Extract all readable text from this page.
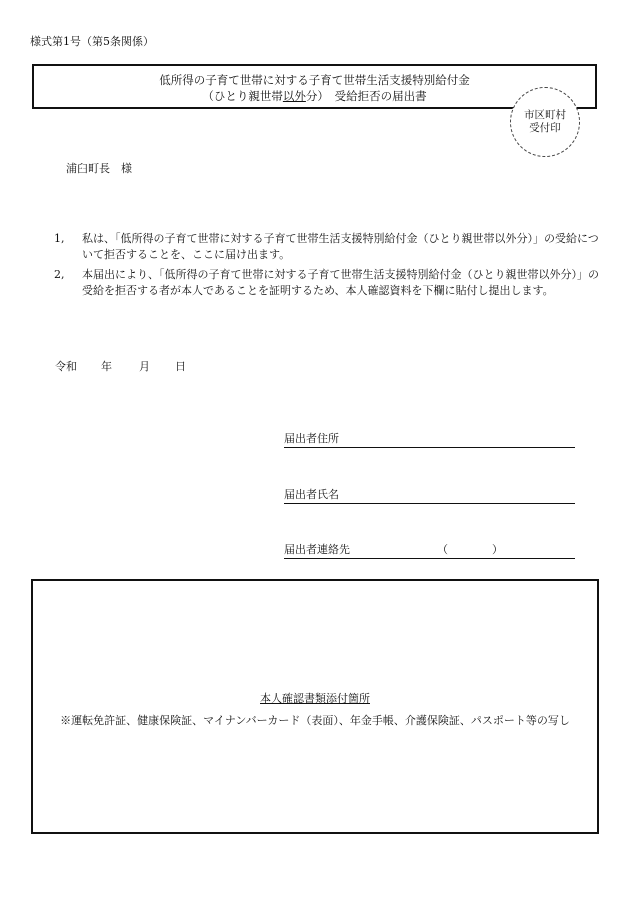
様式第1号（第5条関係）
低所得の子育て世帯に対する子育て世帯生活支援特別給付金
（ひとり親世帯以外分）　受給拒否の届出書
市区町村
受付印
浦臼町長　様
1,	私は、「低所得の子育て世帯に対する子育て世帯生活支援特別給付金（ひとり親世帯以外分）」の受給について拒否することを、ここに届け出ます。
2,	本届出により、「低所得の子育て世帯に対する子育て世帯生活支援特別給付金（ひとり親世帯以外分）」の受給を拒否する者が本人であることを証明するため、本人確認資料を下欄に貼付し提出します。
令和 年 月 日
届出者住所
届出者氏名
届出者連絡先	（　　　　）
本人確認書類添付箇所
※運転免許証、健康保険証、マイナンバーカード（表面）、年金手帳、介護保険証、パスポート等の写し
